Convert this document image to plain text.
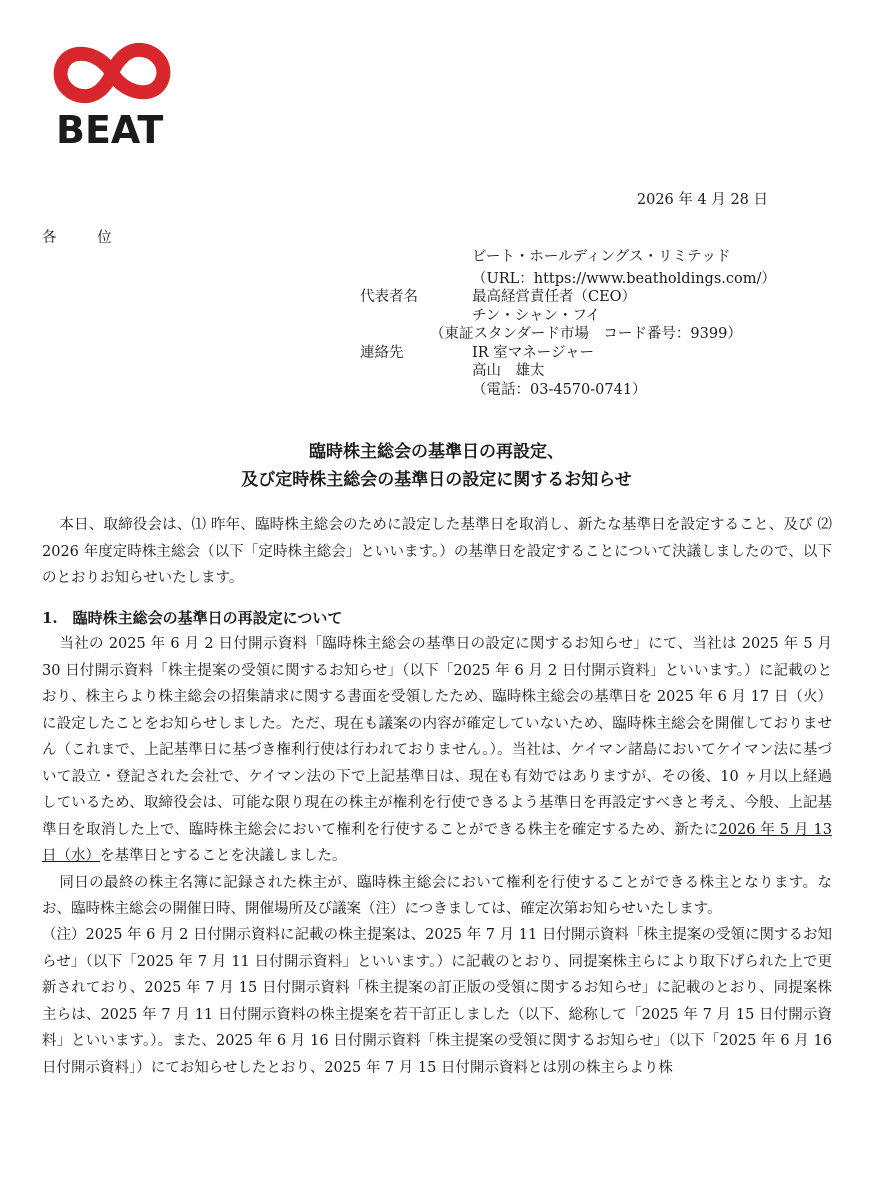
BEAT
2026 年 4 月 28 日
各 位
ビート・ホールディングス・リミテッド
（URL：https://www.beatholdings.com/）
代表者名	最高経営責任者（CEO）
チン・シャン・フイ
（東証スタンダード市場　コード番号：9399）
連絡先	IR 室マネージャー
高山　雄太
（電話：03-4570-0741）
臨時株主総会の基準日の再設定、
及び定時株主総会の基準日の設定に関するお知らせ
本日、取締役会は、⑴ 昨年、臨時株主総会のために設定した基準日を取消し、新たな基準日を設定すること、及び ⑵ 2026 年度定時株主総会（以下「定時株主総会」といいます。）の基準日を設定することについて決議しましたので、以下のとおりお知らせいたします。
1.　臨時株主総会の基準日の再設定について
当社の 2025 年 6 月 2 日付開示資料「臨時株主総会の基準日の設定に関するお知らせ」にて、当社は 2025 年 5 月 30 日付開示資料「株主提案の受領に関するお知らせ」（以下「2025 年 6 月 2 日付開示資料」といいます。）に記載のとおり、株主らより株主総会の招集請求に関する書面を受領したため、臨時株主総会の基準日を 2025 年 6 月 17 日（火）に設定したことをお知らせしました。ただ、現在も議案の内容が確定していないため、臨時株主総会を開催しておりません（これまで、上記基準日に基づき権利行使は行われておりません。）。当社は、ケイマン諸島においてケイマン法に基づいて設立・登記された会社で、ケイマン法の下で上記基準日は、現在も有効ではありますが、その後、10 ヶ月以上経過しているため、取締役会は、可能な限り現在の株主が権利を行使できるよう基準日を再設定すべきと考え、今般、上記基準日を取消した上で、臨時株主総会において権利を行使することができる株主を確定するため、新たに2026 年 5 月 13 日（水）を基準日とすることを決議しました。
同日の最終の株主名簿に記録された株主が、臨時株主総会において権利を行使することができる株主となります。なお、臨時株主総会の開催日時、開催場所及び議案（注）につきましては、確定次第お知らせいたします。
（注）2025 年 6 月 2 日付開示資料に記載の株主提案は、2025 年 7 月 11 日付開示資料「株主提案の受領に関するお知らせ」（以下「2025 年 7 月 11 日付開示資料」といいます。）に記載のとおり、同提案株主らにより取下げられた上で更新されており、2025 年 7 月 15 日付開示資料「株主提案の訂正版の受領に関するお知らせ」に記載のとおり、同提案株主らは、2025 年 7 月 11 日付開示資料の株主提案を若干訂正しました（以下、総称して「2025 年 7 月 15 日付開示資料」といいます。）。また、2025 年 6 月 16 日付開示資料「株主提案の受領に関するお知らせ」（以下「2025 年 6 月 16 日付開示資料」）にてお知らせしたとおり、2025 年 7 月 15 日付開示資料とは別の株主らより株
